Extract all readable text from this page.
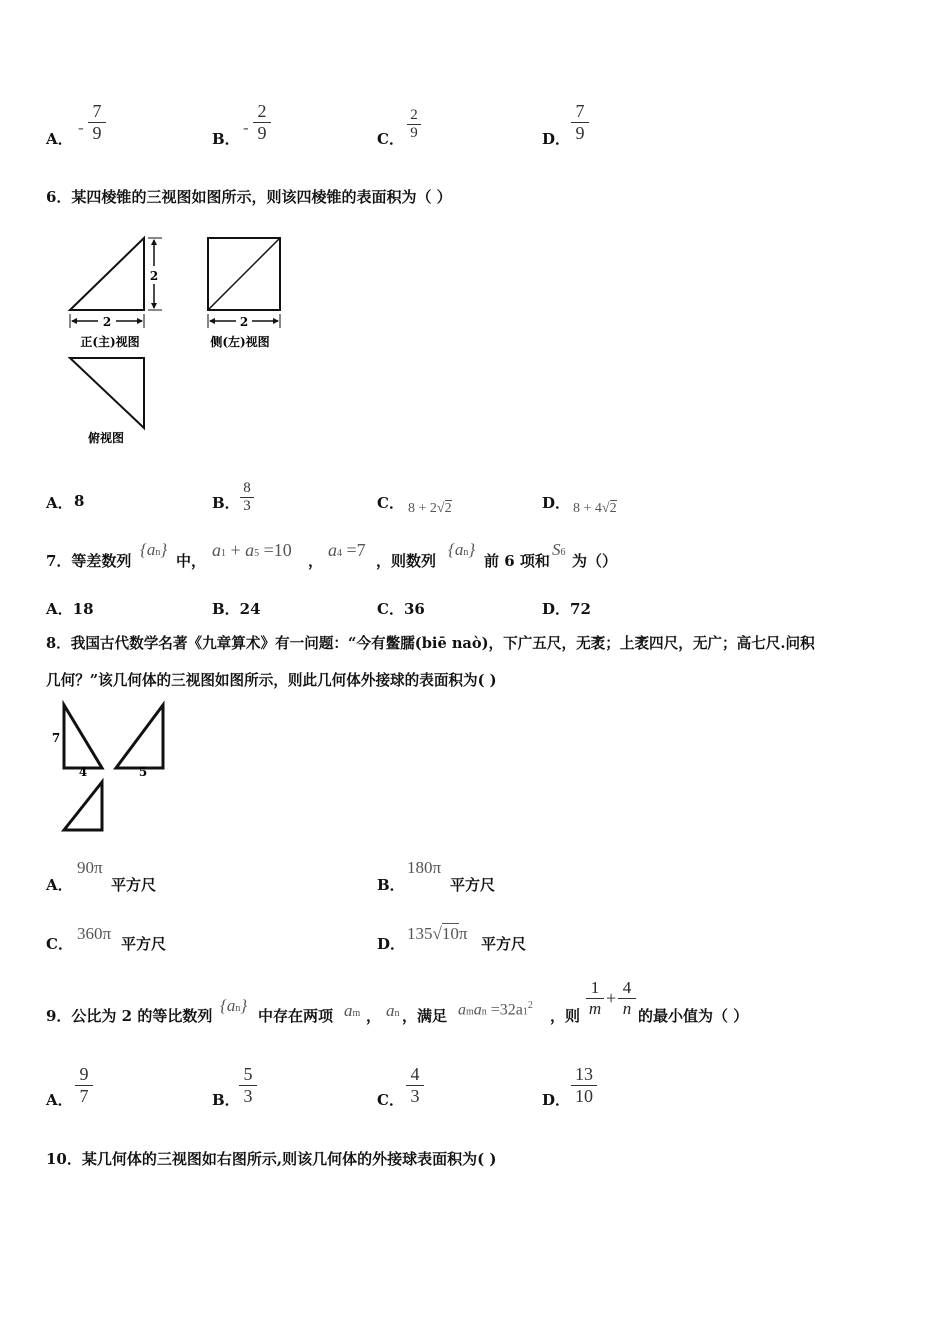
A．
-
7
9	B．
-
2
9	C．
2
9	D．
7
9
6．某四棱锥的三视图如图所示，则该四棱锥的表面积为（ ）
2
2
正(主)视图
2
侧(左)视图
俯视图
A． 8	B．
8
3	C． 8 + 2√2	D． 8 + 4√2
7．等差数列
{an}
中，
a1 + a5 =10
，
a4 =7
，则数列
{an}
前 6 项和
S6 为（）
A．18	B．24	C．36	D．72
8．我国古代数学名著《九章算术》有一问题：“今有鳖臑(biē naò)，下广五尺，无袤；上袤四尺，无广；高七尺.问积
几何？”该几何体的三视图如图所示，则此几何体外接球的表面积为( )
7
4	5
A．
90π
平方尺	B．
180π
平方尺
C．
360π
平方尺	D．
135√10π
平方尺
9．公比为 2 的等比数列
{an}
中存在两项 am ， an ，满足 aman $=32a1^2$
，则
1
m
+
4
n 的最小值为（ ）
A．
9
7	B．
5
3	C．
4
3	D．
13
10
10．某几何体的三视图如右图所示,则该几何体的外接球表面积为( )
